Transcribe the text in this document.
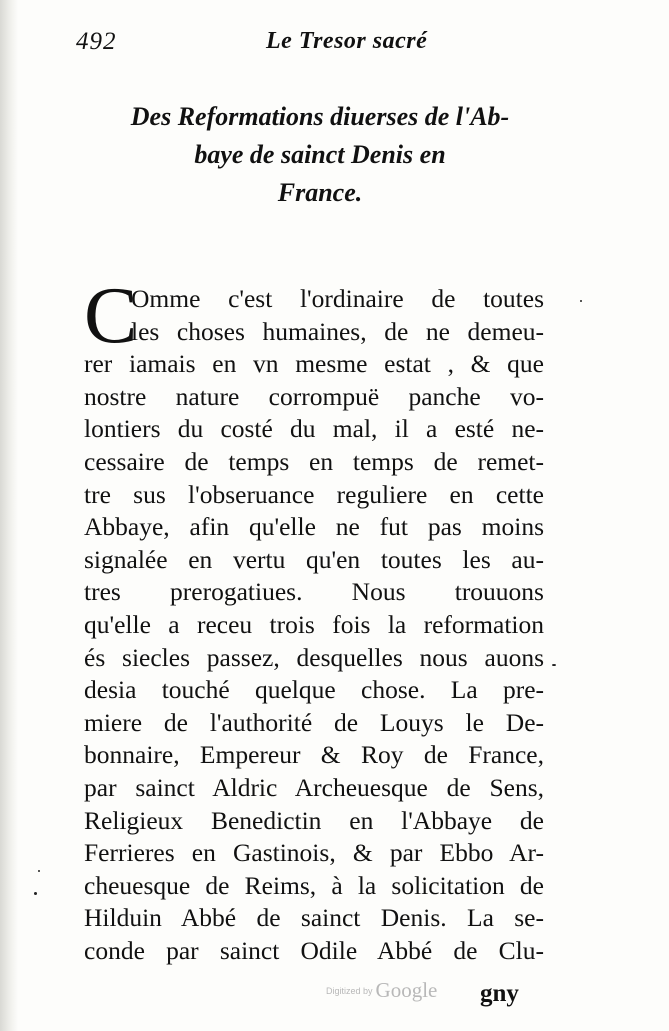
492	Le Tresor sacré
Des Reformations diuerses de l'Ab-
baye de sainct Denis en
France.
C
Omme c'est l'ordinaire de toutes
les choses humaines, de ne demeu-
rer iamais en vn mesme estat , & que
nostre nature corrompuë panche vo-
lontiers du costé du mal, il a esté ne-
cessaire de temps en temps de remet-
tre sus l'obseruance reguliere en cette
Abbaye, afin qu'elle ne fut pas moins
signalée en vertu qu'en toutes les au-
tres prerogatiues. Nous trouuons
qu'elle a receu trois fois la reformation
és siecles passez, desquelles nous auons
desia touché quelque chose. La pre-
miere de l'authorité de Louys le De-
bonnaire, Empereur & Roy de France,
par sainct Aldric Archeuesque de Sens,
Religieux Benedictin en l'Abbaye de
Ferrieres en Gastinois, & par Ebbo Ar-
cheuesque de Reims, à la solicitation de
Hilduin Abbé de sainct Denis. La se-
conde par sainct Odile Abbé de Clu-
Digitized by Google gny
